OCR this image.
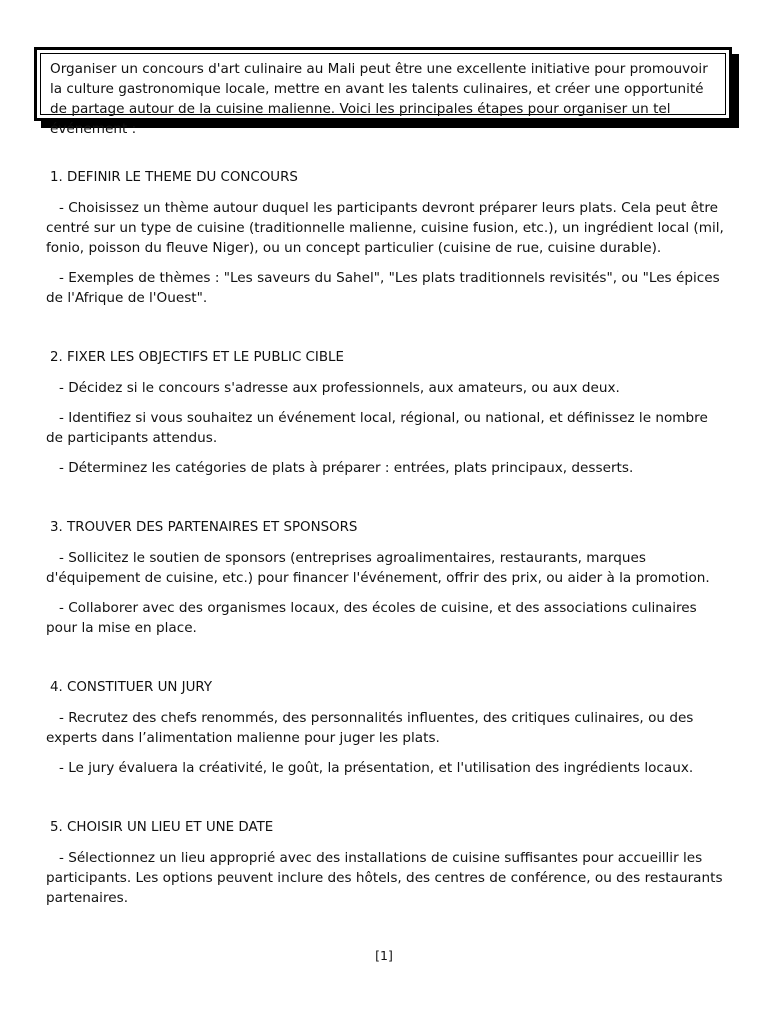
Organiser un concours d'art culinaire au Mali peut être une excellente initiative pour promouvoir la culture gastronomique locale, mettre en avant les talents culinaires, et créer une opportunité de partage autour de la cuisine malienne. Voici les principales étapes pour organiser un tel événement :
1. DEFINIR LE THEME DU CONCOURS
- Choisissez un thème autour duquel les participants devront préparer leurs plats. Cela peut être centré sur un type de cuisine (traditionnelle malienne, cuisine fusion, etc.), un ingrédient local (mil, fonio, poisson du fleuve Niger), ou un concept particulier (cuisine de rue, cuisine durable).
- Exemples de thèmes : "Les saveurs du Sahel", "Les plats traditionnels revisités", ou "Les épices de l'Afrique de l'Ouest".
2. FIXER LES OBJECTIFS ET LE PUBLIC CIBLE
- Décidez si le concours s'adresse aux professionnels, aux amateurs, ou aux deux.
- Identifiez si vous souhaitez un événement local, régional, ou national, et définissez le nombre de participants attendus.
- Déterminez les catégories de plats à préparer : entrées, plats principaux, desserts.
3. TROUVER DES PARTENAIRES ET SPONSORS
- Sollicitez le soutien de sponsors (entreprises agroalimentaires, restaurants, marques d'équipement de cuisine, etc.) pour financer l'événement, offrir des prix, ou aider à la promotion.
- Collaborer avec des organismes locaux, des écoles de cuisine, et des associations culinaires pour la mise en place.
4. CONSTITUER UN JURY
- Recrutez des chefs renommés, des personnalités influentes, des critiques culinaires, ou des experts dans l’alimentation malienne pour juger les plats.
- Le jury évaluera la créativité, le goût, la présentation, et l'utilisation des ingrédients locaux.
5. CHOISIR UN LIEU ET UNE DATE
- Sélectionnez un lieu approprié avec des installations de cuisine suffisantes pour accueillir les participants. Les options peuvent inclure des hôtels, des centres de conférence, ou des restaurants partenaires.
[1]
